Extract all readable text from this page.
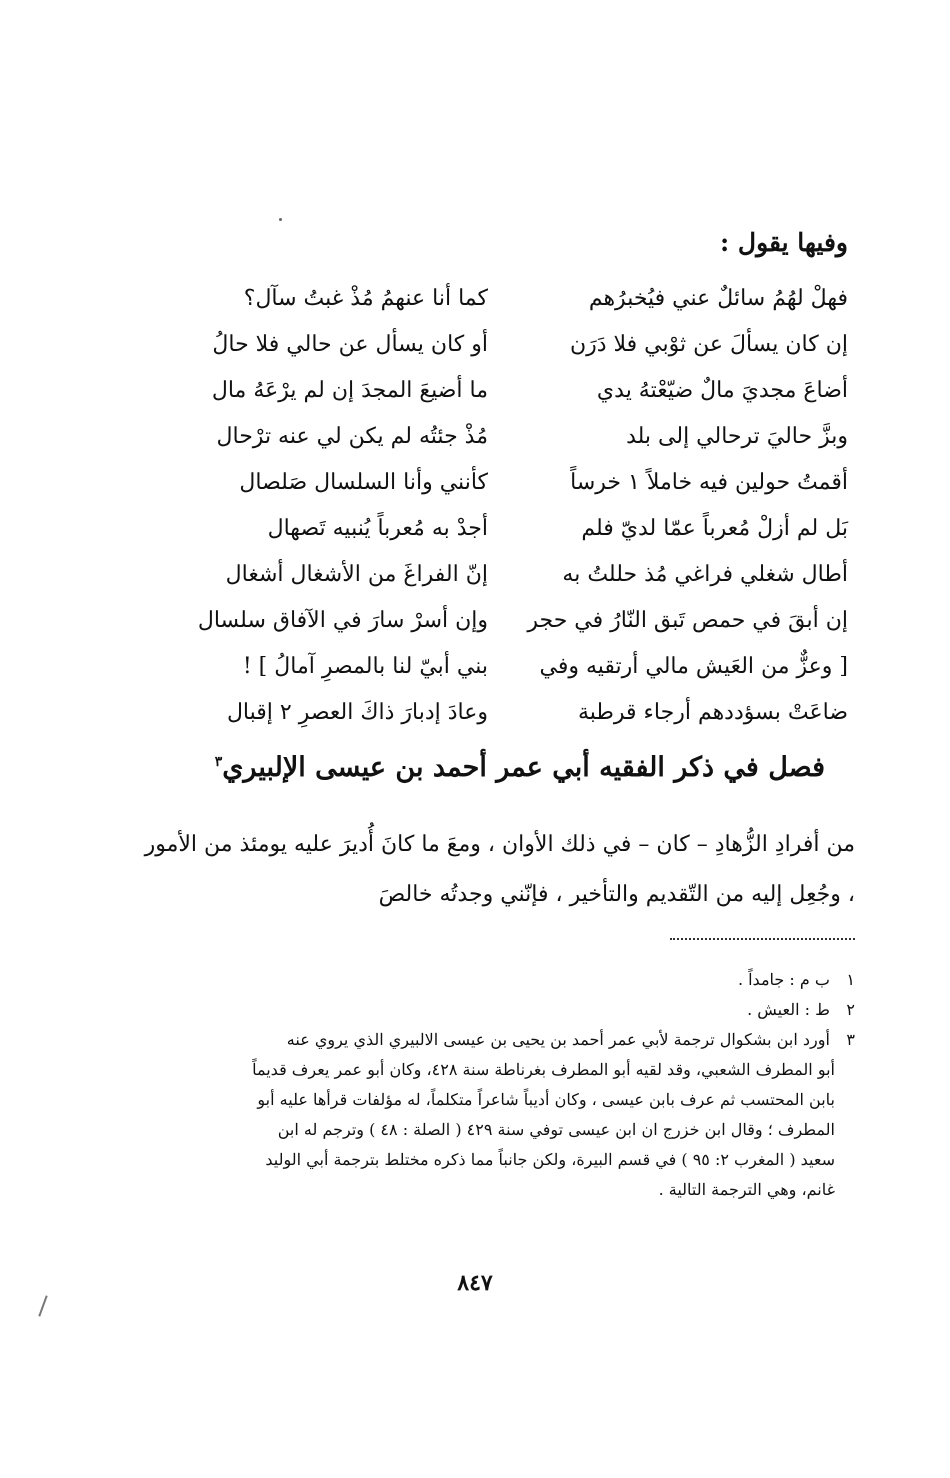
وفيها يقول :
فهلْ لهُمُ سائلٌ عني فيُخبرُهم
كما أنا عنهمُ مُذْ غبتُ سآل؟
إن كان يسألَ عن ثوْبي فلا دَرَن
أو كان يسأل عن حالي فلا حالُ
أضاعَ مجديَ مالٌ ضيّعْتهُ يدي
ما أضيعَ المجدَ إن لم يرْعَهُ مال
وبزَّ حاليَ ترحالي إلى بلد
مُذْ جئتُه لم يكن لي عنه ترْحال
أقمتُ حولين فيه خاملاً ١ خرساً
كأنني وأنا السلسال صَلصال
بَل لم أزلْ مُعرباً عمّا لديّ فلم
أجدْ به مُعرباً يُنبيه تَصهال
أطال شغلي فراغي مُذ حللتُ به
إنّ الفراغَ من الأشغال أشغال
إن أبقَ في حمص تَبق النّارُ في حجر
وإن أسرْ سارَ في الآفاق سلسال
[ وعزٌّ من العَيش مالي أرتقيه وفي
بني أبيّ لنا بالمصرِ آمالُ ] !
ضاعَتْ بسؤددهم أرجاء قرطبة
وعادَ إدبارَ ذاكَ العصرِ ٢ إقبال
فصل في ذكر الفقيه أبي عمر أحمد بن عيسى الإلبيري$^٣$
من أفرادِ الزُّهادِ – كان – في ذلك الأوان ، ومعَ ما كانَ أُديرَ عليه يومئذ من الأمور ، وجُعِل إليه من التّقديم والتأخير ، فإنّني وجدتُه خالصَ
١ ب م : جامداً .
٢ ط : العيش .
٣ أورد ابن بشكوال ترجمة لأبي عمر أحمد بن يحيى بن عيسى الالبيري الذي يروي عنه
أبو المطرف الشعبي، وقد لقيه أبو المطرف بغرناطة سنة ٤٢٨، وكان أبو عمر يعرف قديماً
بابن المحتسب ثم عرف بابن عيسى ، وكان أديباً شاعراً متكلماً، له مؤلفات قرأها عليه أبو
المطرف ؛ وقال ابن خزرج ان ابن عيسى توفي سنة ٤٢٩ ( الصلة : ٤٨ ) وترجم له ابن
سعيد ( المغرب ٢: ٩٥ ) في قسم البيرة، ولكن جانباً مما ذكره مختلط بترجمة أبي الوليد
غانم، وهي الترجمة التالية .
٨٤٧
